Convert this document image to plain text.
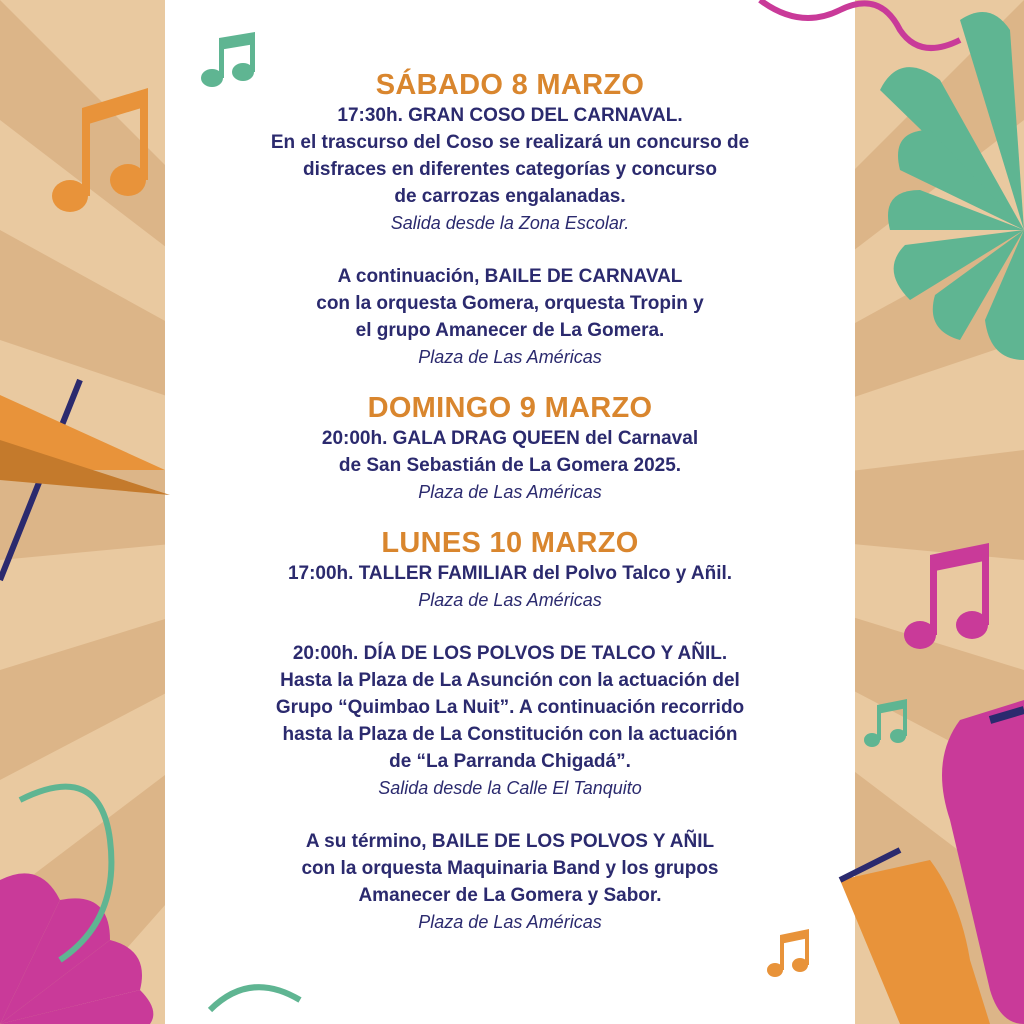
SÁBADO 8 MARZO
17:30h. GRAN COSO DEL CARNAVAL.
En el trascurso del Coso se realizará un concurso de
disfraces en diferentes categorías y concurso
de carrozas engalanadas.
Salida desde la Zona Escolar.
A continuación, BAILE DE CARNAVAL
con la orquesta Gomera, orquesta Tropin y
el grupo Amanecer de La Gomera.
Plaza de Las Américas
DOMINGO 9 MARZO
20:00h. GALA DRAG QUEEN del Carnaval
de San Sebastián de La Gomera 2025.
Plaza de Las Américas
LUNES 10 MARZO
17:00h. TALLER FAMILIAR del Polvo Talco y Añil.
Plaza de Las Américas
20:00h. DÍA DE LOS POLVOS DE TALCO Y AÑIL.
Hasta la Plaza de La Asunción con la actuación del
Grupo “Quimbao La Nuit”. A continuación recorrido
hasta la Plaza de La Constitución con la actuación
de “La Parranda Chigadá”.
Salida desde la Calle El Tanquito
A su término, BAILE DE LOS POLVOS Y AÑIL
con la orquesta Maquinaria Band y los grupos
Amanecer de La Gomera y Sabor.
Plaza de Las Américas
